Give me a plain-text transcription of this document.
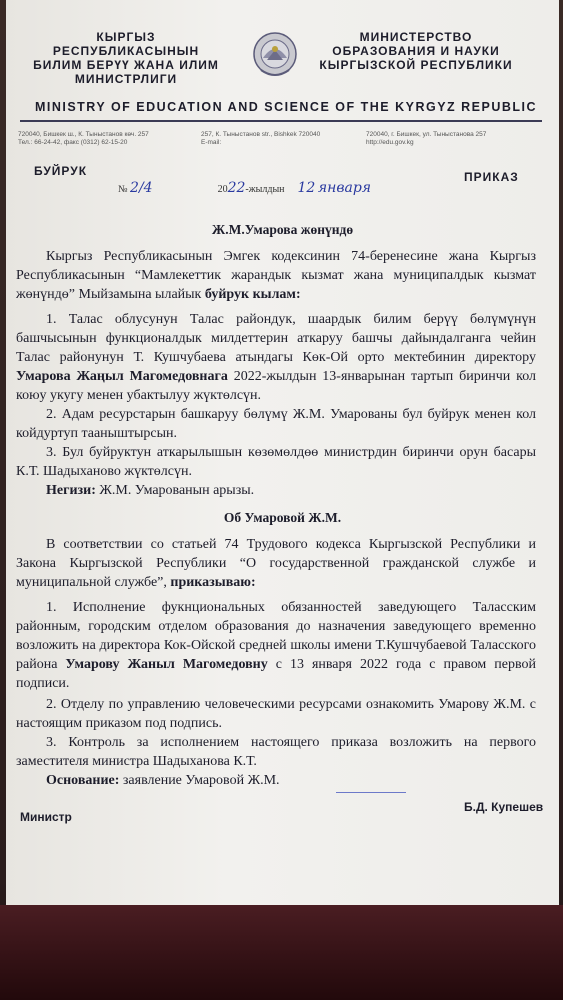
КЫРГЫЗ РЕСПУБЛИКАСЫНЫН
БИЛИМ БЕРҮҮ ЖАНА ИЛИМ
МИНИСТРЛИГИ
МИНИСТЕРСТВО
ОБРАЗОВАНИЯ И НАУКИ
КЫРГЫЗСКОЙ РЕСПУБЛИКИ
MINISTRY OF EDUCATION AND SCIENCE OF THE KYRGYZ REPUBLIC
720040, Бишкек ш., К. Тыныстанов көч. 257
Тел.: 66-24-42, факс (0312) 62-15-20
257, К. Тыныстанов str., Bishkek 720040
E-mail:
720040, г. Бишкек, ул. Тыныстанова 257
http://edu.gov.kg
БУЙРУК	ПРИКАЗ
№ 2/4	2022-жылдын 12 января
Ж.М.Умарова жөнүндө
Кыргыз Республикасынын Эмгек кодексинин 74-беренесине жана Кыргыз Республикасынын “Мамлекеттик жарандык кызмат жана муниципалдык кызмат жөнүндө” Мыйзамына ылайык буйрук кылам:
1. Талас облусунун Талас райондук, шаардык билим берүү бөлүмүнүн башчысынын функционалдык милдеттерин аткаруу башчы дайындалганга чейин Талас районунун Т. Кушчубаева атындагы Көк-Ой орто мектебинин директору Умарова Жаңыл Магомедовнага 2022-жылдын 13-январынан тартып биринчи кол коюу укугу менен убактылуу жүктөлсүн.
2. Адам ресурстарын башкаруу бөлүмү Ж.М. Умарованы бул буйрук менен кол койдуртуп тааныштырсын.
3. Бул буйруктун аткарылышын көзөмөлдөө министрдин биринчи орун басары К.Т. Шадыханово жүктөлсүн.
Негизи: Ж.М. Умарованын арызы.
Об Умаровой Ж.М.
В соответствии со статьей 74 Трудового кодекса Кыргызской Республики и Закона Кыргызской Республики “О государственной гражданской службе и муниципальной службе”, приказываю:
1. Исполнение фукнциональных обязанностей заведующего Таласским районным, городским отделом образования до назначения заведующего временно возложить на директора Кок-Ойской средней школы имени Т.Кушчубаевой Таласского района Умарову Жаныл Магомедовну с 13 января 2022 года с правом первой подписи.
2. Отделу по управлению человеческими ресурсами ознакомить Умарову Ж.М. с настоящим приказом под подпись.
3. Контроль за исполнением настоящего приказа возложить на первого заместителя министра Шадыханова К.Т.
Основание: заявление Умаровой Ж.М.
Б.Д. Купешев
Министр
